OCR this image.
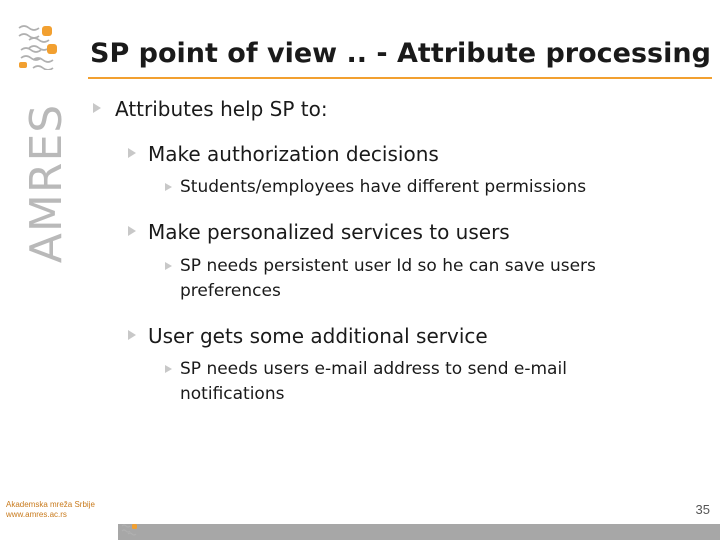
AMRES
SP point of view .. - Attribute processing
Attributes help SP to:
Make authorization decisions
Students/employees have different permissions
Make personalized services to users
SP needs persistent user Id so he can save users preferences
User gets some additional service
SP needs users e-mail address to send e-mail notifications
Akademska mreža Srbije
www.amres.ac.rs	35
